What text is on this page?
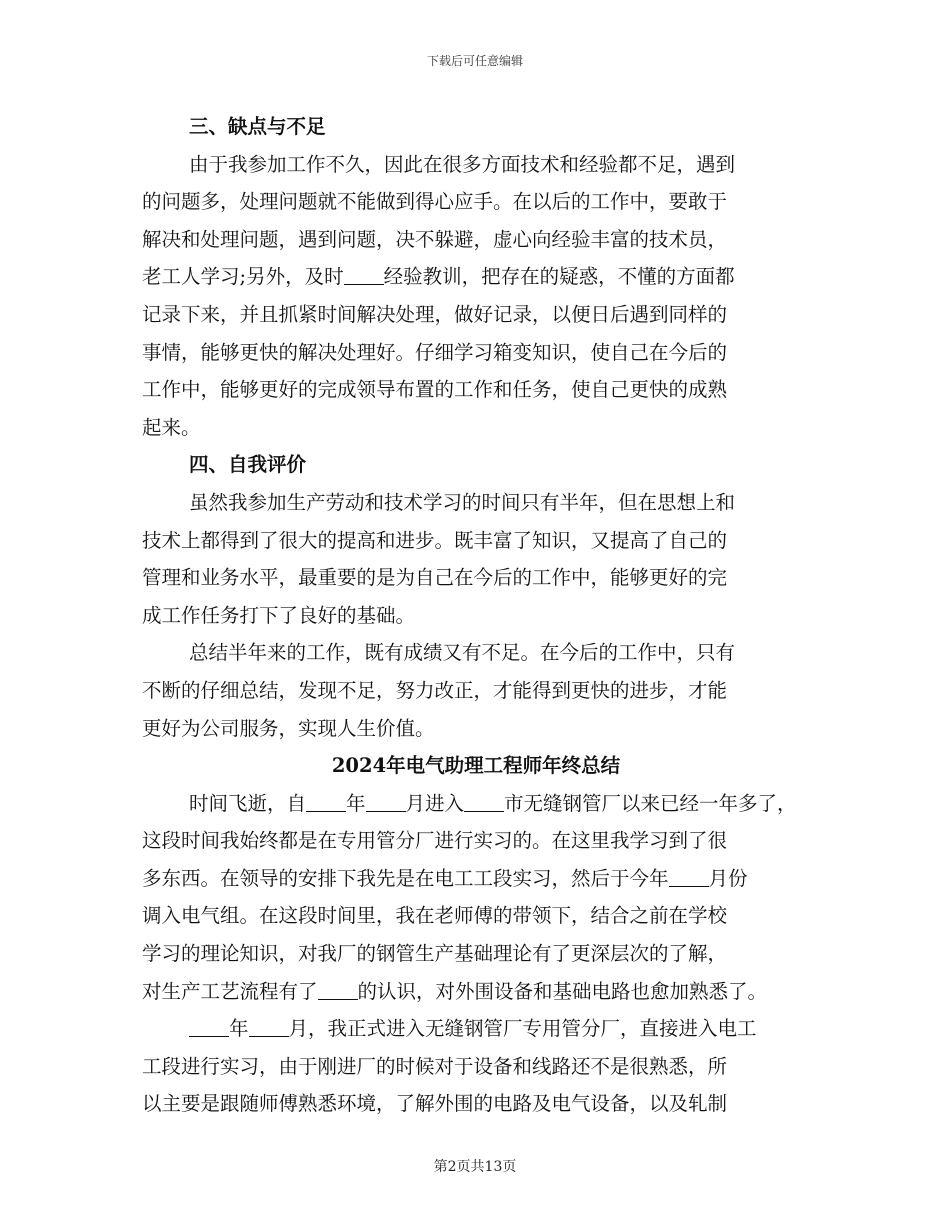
下载后可任意编辑
三、缺点与不足

由于我参加工作不久，因此在很多方面技术和经验都不足，遇到
的问题多，处理问题就不能做到得心应手。在以后的工作中，要敢于
解决和处理问题，遇到问题，决不躲避，虚心向经验丰富的技术员，
老工人学习;另外，及时 经验教训，把存在的疑惑，不懂的方面都
记录下来，并且抓紧时间解决处理，做好记录，以便日后遇到同样的
事情，能够更快的解决处理好。仔细学习箱变知识，使自己在今后的
工作中，能够更好的完成领导布置的工作和任务，使自己更快的成熟
起来。

四、自我评价

虽然我参加生产劳动和技术学习的时间只有半年，但在思想上和
技术上都得到了很大的提高和进步。既丰富了知识，又提高了自己的
管理和业务水平，最重要的是为自己在今后的工作中，能够更好的完
成工作任务打下了良好的基础。

总结半年来的工作，既有成绩又有不足。在今后的工作中，只有
不断的仔细总结，发现不足，努力改正，才能得到更快的进步，才能
更好为公司服务，实现人生价值。

2024年电气助理工程师年终总结

时间飞逝，自 年 月进入 市无缝钢管厂以来已经一年多了，
这段时间我始终都是在专用管分厂进行实习的。在这里我学习到了很
多东西。在领导的安排下我先是在电工工段实习，然后于今年 月份
调入电气组。在这段时间里，我在老师傅的带领下，结合之前在学校
学习的理论知识，对我厂的钢管生产基础理论有了更深层次的了解，
对生产工艺流程有了 的认识，对外围设备和基础电路也愈加熟悉了。

年 月，我正式进入无缝钢管厂专用管分厂，直接进入电工
工段进行实习，由于刚进厂的时候对于设备和线路还不是很熟悉，所
以主要是跟随师傅熟悉环境，了解外围的电路及电气设备，以及轧制

第2页共13页
